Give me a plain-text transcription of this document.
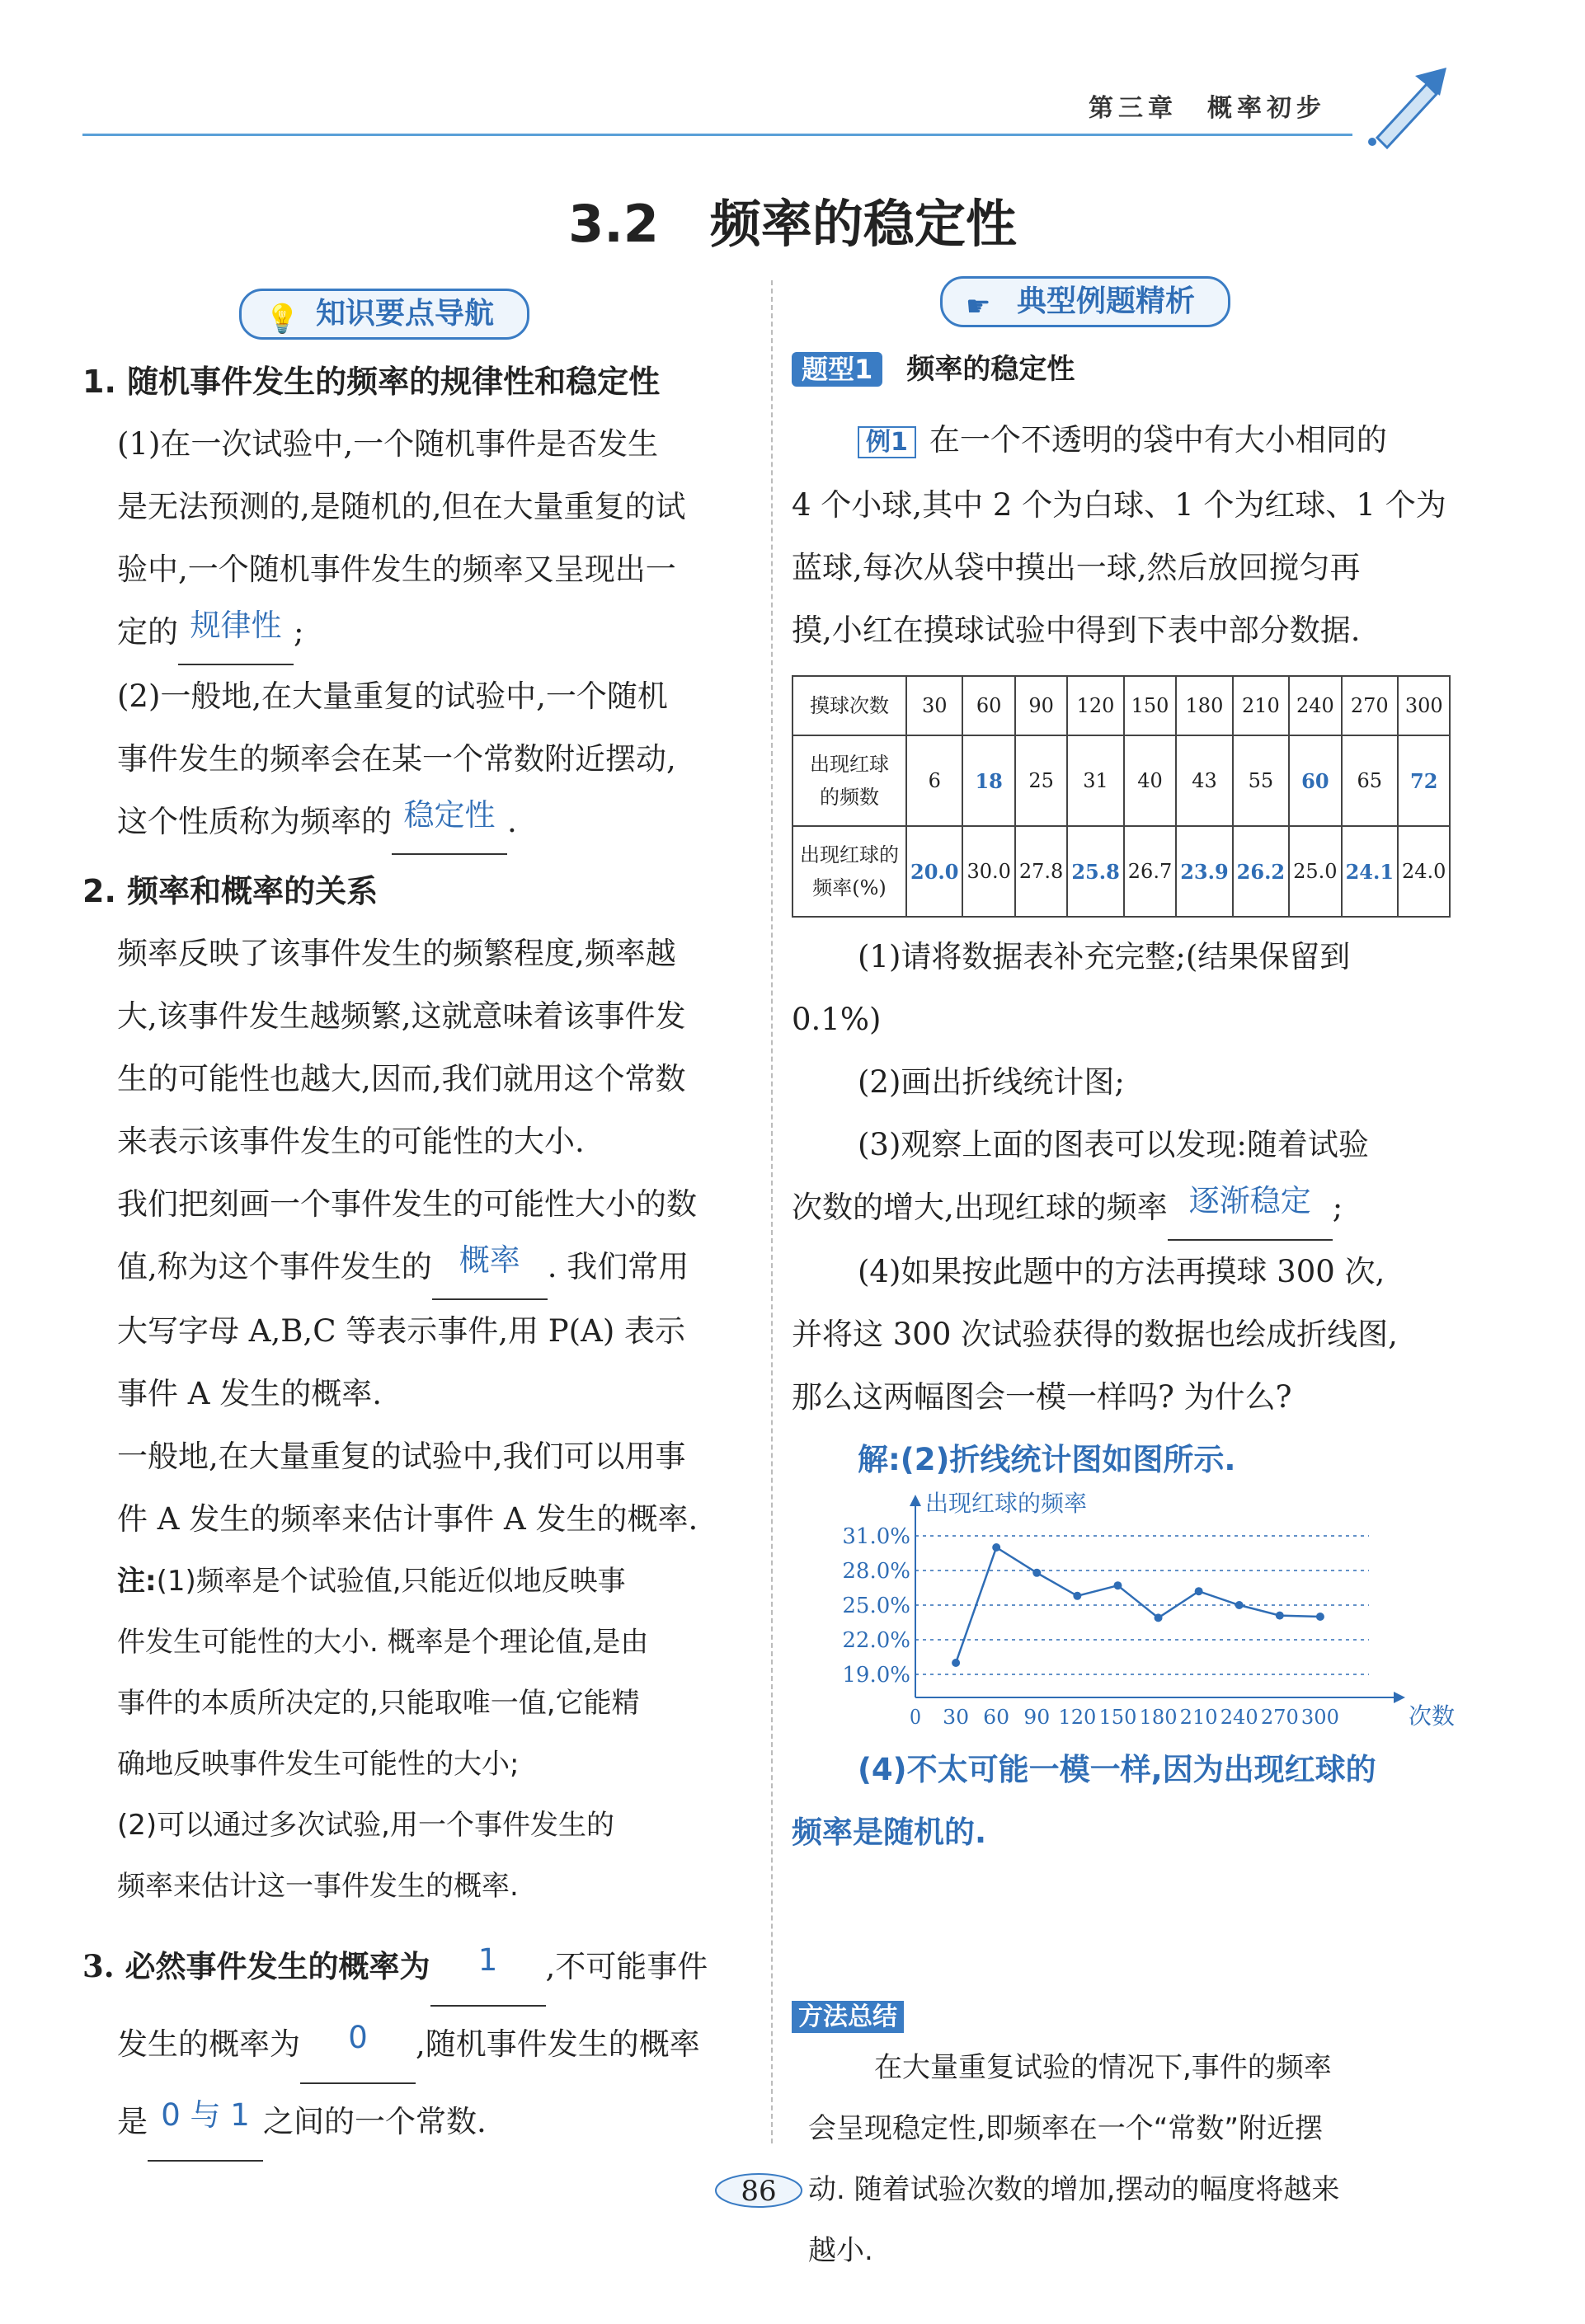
第三章　概率初步
3.2　频率的稳定性
💡 知识要点导航
1. 随机事件发生的频率的规律性和稳定性

(1)在一次试验中,一个随机事件是否发生

是无法预测的,是随机的,但在大量重复的试

验中,一个随机事件发生的频率又呈现出一

定的 规律性 ;

(2)一般地,在大量重复的试验中,一个随机

事件发生的频率会在某一个常数附近摆动,

这个性质称为频率的 稳定性 .

2. 频率和概率的关系

频率反映了该事件发生的频繁程度,频率越

大,该事件发生越频繁,这就意味着该事件发

生的可能性也越大,因而,我们就用这个常数

来表示该事件发生的可能性的大小.

我们把刻画一个事件发生的可能性大小的数

值,称为这个事件发生的 概率 . 我们常用

大写字母 A,B,C 等表示事件,用 P(A) 表示

事件 A 发生的概率.

一般地,在大量重复的试验中,我们可以用事

件 A 发生的频率来估计事件 A 发生的概率.

注:(1)频率是个试验值,只能近似地反映事

件发生可能性的大小. 概率是个理论值,是由

事件的本质所决定的,只能取唯一值,它能精

确地反映事件发生可能性的大小;

(2)可以通过多次试验,用一个事件发生的

频率来估计这一事件发生的概率.

3. 必然事件发生的概率为 1 ,不可能事件

发生的概率为 0 ,随机事件发生的概率

是 0 与 1 之间的一个常数.

☛ 典型例题精析
题型1 频率的稳定性

例1 在一个不透明的袋中有大小相同的

4 个小球,其中 2 个为白球、1 个为红球、1 个为

蓝球,每次从袋中摸出一球,然后放回搅匀再

摸,小红在摸球试验中得到下表中部分数据.

摸球次数	30	60	90	120	150	180	210	240	270	300

出现红球
的频数	6	18	25	31	40	43	55	60	65	72

出现红球的
频率(%)	20.0	30.0	27.8	25.8	26.7	23.9	26.2	25.0	24.1	24.0

(1)请将数据表补充完整;(结果保留到

0.1%)

(2)画出折线统计图;

(3)观察上面的图表可以发现:随着试验

次数的增大,出现红球的频率 逐渐稳定 ;

(4)如果按此题中的方法再摸球 300 次,

并将这 300 次试验获得的数据也绘成折线图,

那么这两幅图会一模一样吗? 为什么?

解:(2)折线统计图如图所示.

出现红球的频率
次数
19.0%
22.0%
25.0%
28.0%
31.0%
0 30 60 90 120 150 180 210 240 270 300

(4)不太可能一模一样,因为出现红球的

频率是随机的.

方法总结

在大量重复试验的情况下,事件的频率

会呈现稳定性,即频率在一个“常数”附近摆

动. 随着试验次数的增加,摆动的幅度将越来

越小.

86
